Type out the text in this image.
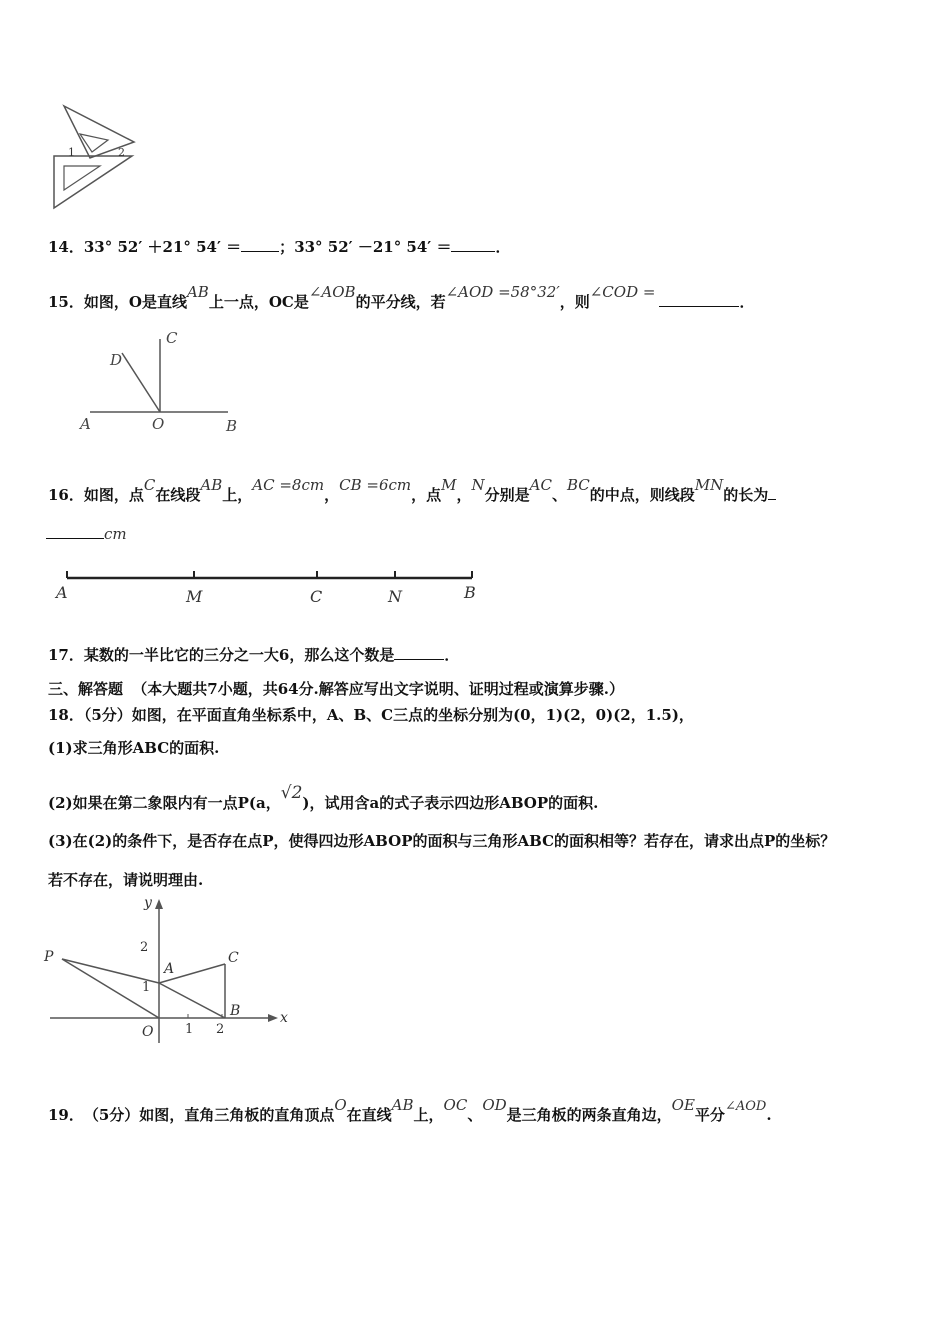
1	2
14．33° 52′ ＋21° 54′ ＝	；33° 52′ －21° 54′ ＝	．
15．如图，O是直线AB上一点，OC是∠AOB的平分线，若∠AOD =58°32′，则∠COD =．
A	O	B
C
D
16．如图，点C在线段AB上，AC =8cm，CB =6cm，点M，N分别是AC、BC的中点，则线段MN的长为
cm
A	M	C	N	B
17．某数的一半比它的三分之一大6，那么这个数是	．
三、解答题 （本大题共7小题，共64分.解答应写出文字说明、证明过程或演算步骤.）
18．（5分）如图，在平面直角坐标系中，A、B、C三点的坐标分别为(0，1)(2，0)(2，1.5)，
(1)求三角形ABC的面积.
(2)如果在第二象限内有一点P(a，√2)，试用含a的式子表示四边形ABOP的面积.
(3)在(2)的条件下，是否存在点P，使得四边形ABOP的面积与三角形ABC的面积相等？若存在，请求出点P的坐标？
若不存在，请说明理由.
y
x
P
A
C
B
O
1
2
1 2
19．（5分）如图，直角三角板的直角顶点O在直线AB上，OC、OD是三角板的两条直角边，OE平分∠AOD.
